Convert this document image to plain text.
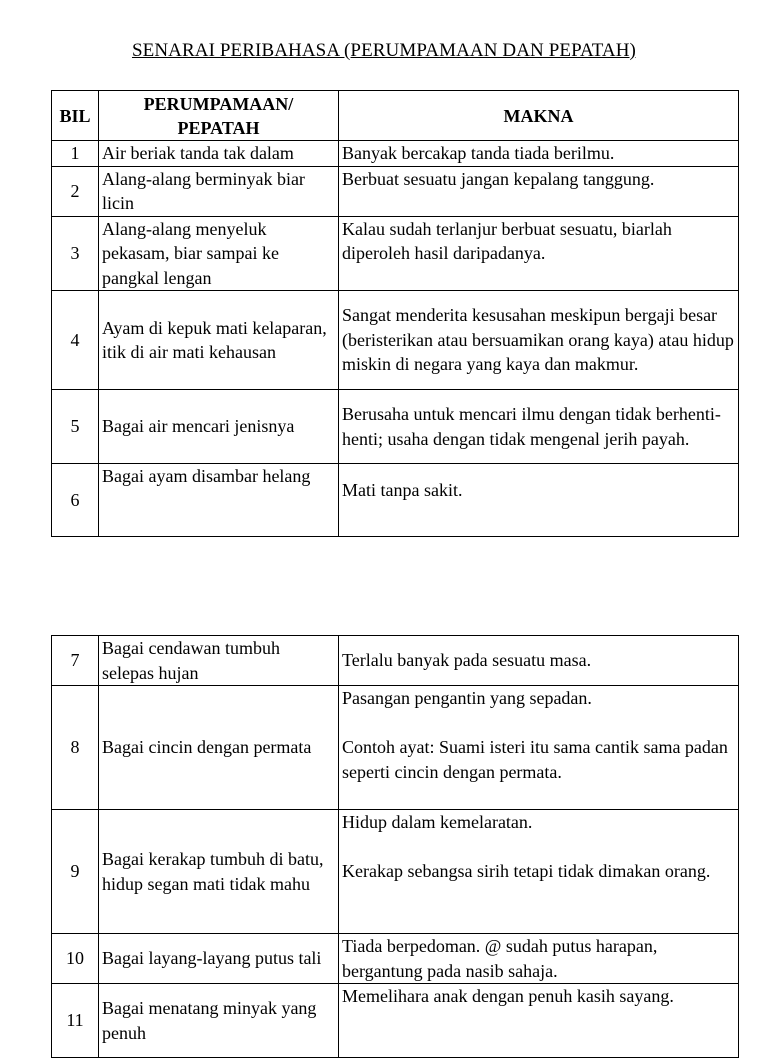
SENARAI PERIBAHASA (PERUMPAMAAN DAN PEPATAH)
BIL	PERUMPAMAAN/ PEPATAH	MAKNA
1	Air beriak tanda tak dalam	Banyak bercakap tanda tiada berilmu.
2	Alang-alang berminyak biar licin	Berbuat sesuatu jangan kepalang tanggung.
3	Alang-alang menyeluk pekasam, biar sampai ke pangkal lengan	Kalau sudah terlanjur berbuat sesuatu, biarlah diperoleh hasil daripadanya.
4	Ayam di kepuk mati kelaparan, itik di air mati kehausan	Sangat menderita kesusahan meskipun bergaji besar (beristerikan atau bersuamikan orang kaya) atau hidup miskin di negara yang kaya dan makmur.
5	Bagai air mencari jenisnya	Berusaha untuk mencari ilmu dengan tidak berhenti-henti; usaha dengan tidak mengenal jerih payah.
6	Bagai ayam disambar helang	Mati tanpa sakit.
7	Bagai cendawan tumbuh selepas hujan	Terlalu banyak pada sesuatu masa.
8	Bagai cincin dengan permata	Pasangan pengantin yang sepadan.
Contoh ayat: Suami isteri itu sama cantik sama padan seperti cincin dengan permata.

9	Bagai kerakap tumbuh di batu, hidup segan mati tidak mahu	Hidup dalam kemelaratan.
Kerakap sebangsa sirih tetapi tidak dimakan orang.

10	Bagai layang-layang putus tali	Tiada berpedoman. @ sudah putus harapan, bergantung pada nasib sahaja.
11	Bagai menatang minyak yang penuh	Memelihara anak dengan penuh kasih sayang.
